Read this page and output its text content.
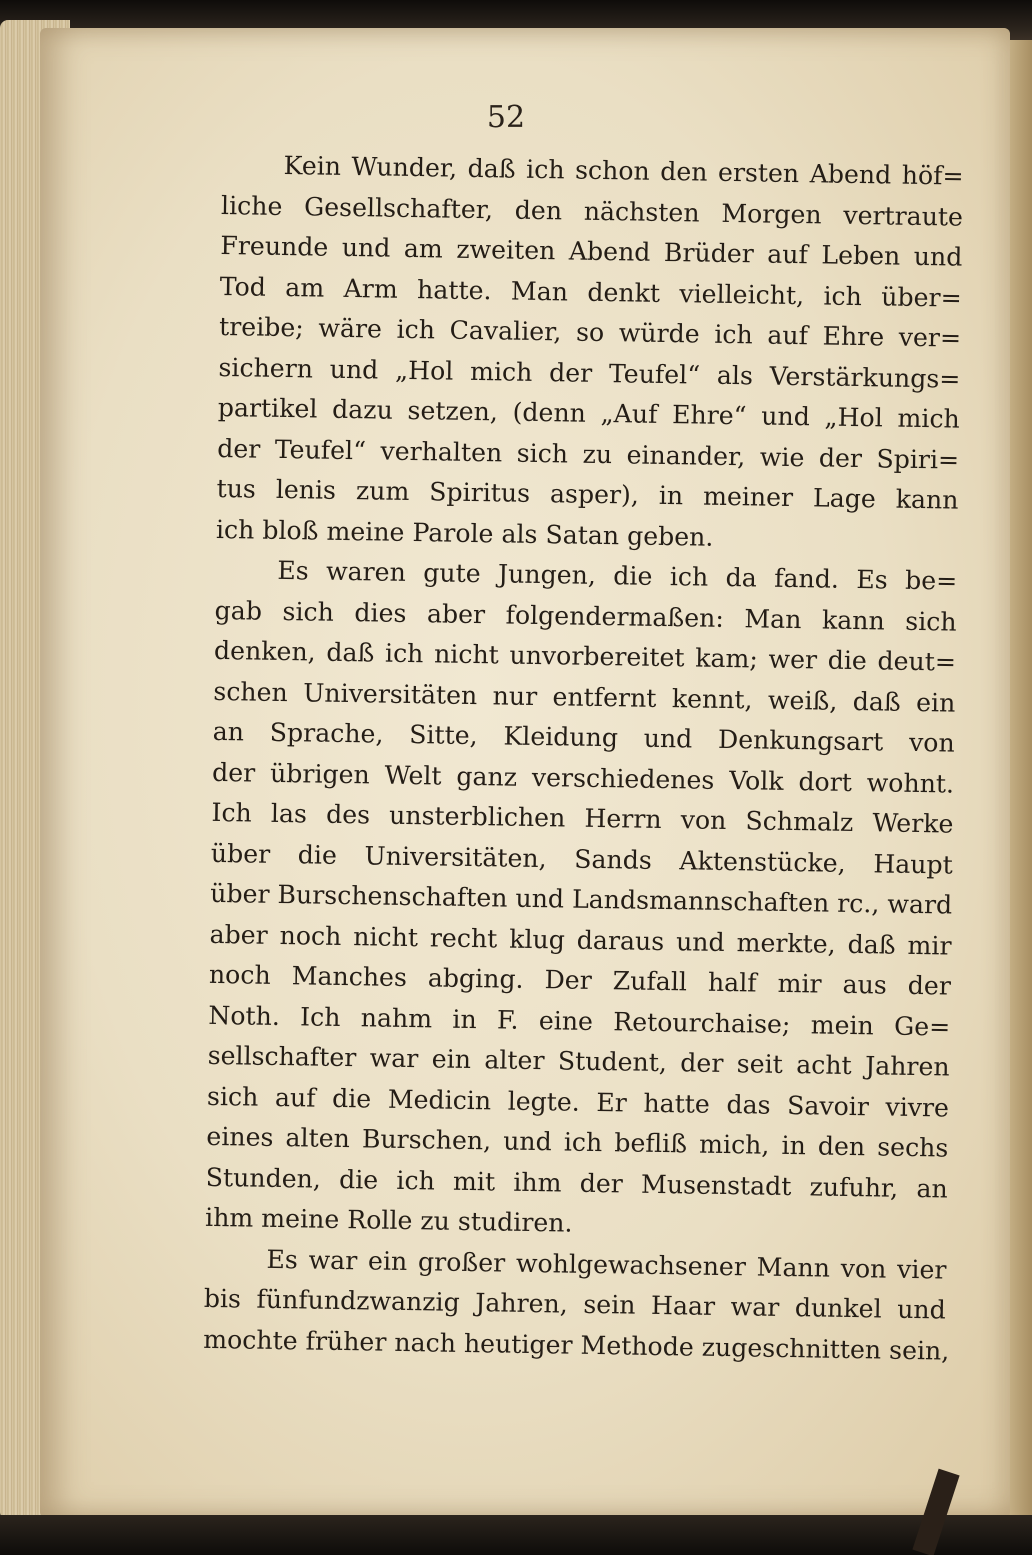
52
Kein Wunder, daß ich schon den ersten Abend höf=
liche Gesellschafter, den nächsten Morgen vertraute
Freunde und am zweiten Abend Brüder auf Leben und
Tod am Arm hatte. Man denkt vielleicht, ich über=
treibe; wäre ich Cavalier, so würde ich auf Ehre ver=
sichern und „Hol mich der Teufel“ als Verstärkungs=
partikel dazu setzen, (denn „Auf Ehre“ und „Hol mich
der Teufel“ verhalten sich zu einander, wie der Spiri=
tus lenis zum Spiritus asper), in meiner Lage kann
ich bloß meine Parole als Satan geben.
Es waren gute Jungen, die ich da fand. Es be=
gab sich dies aber folgendermaßen: Man kann sich
denken, daß ich nicht unvorbereitet kam; wer die deut=
schen Universitäten nur entfernt kennt, weiß, daß ein
an Sprache, Sitte, Kleidung und Denkungsart von
der übrigen Welt ganz verschiedenes Volk dort wohnt.
Ich las des unsterblichen Herrn von Schmalz Werke
über die Universitäten, Sands Aktenstücke, Haupt
über Burschenschaften und Landsmannschaften rc., ward
aber noch nicht recht klug daraus und merkte, daß mir
noch Manches abging. Der Zufall half mir aus der
Noth. Ich nahm in F. eine Retourchaise; mein Ge=
sellschafter war ein alter Student, der seit acht Jahren
sich auf die Medicin legte. Er hatte das Savoir vivre
eines alten Burschen, und ich befliß mich, in den sechs
Stunden, die ich mit ihm der Musenstadt zufuhr, an
ihm meine Rolle zu studiren.
Es war ein großer wohlgewachsener Mann von vier
bis fünfundzwanzig Jahren, sein Haar war dunkel und
mochte früher nach heutiger Methode zugeschnitten sein,
